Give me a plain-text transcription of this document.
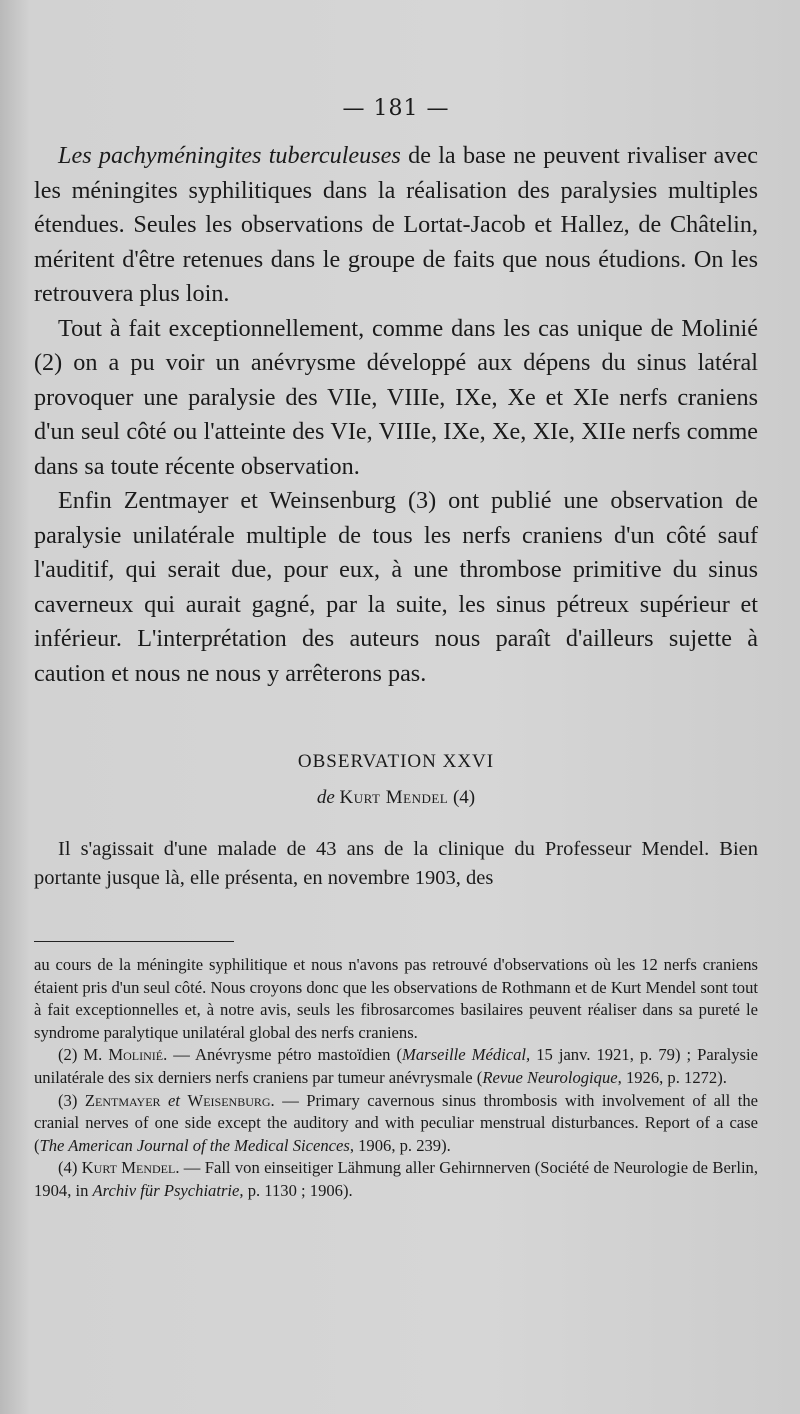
— 181 —

Les pachyméningites tuberculeuses de la base ne peuvent rivaliser avec les méningites syphilitiques dans la réalisation des paralysies multiples étendues. Seules les observations de Lortat-Jacob et Hallez, de Châtelin, méritent d'être retenues dans le groupe de faits que nous étudions. On les retrouvera plus loin.

Tout à fait exceptionnellement, comme dans les cas unique de Molinié (2) on a pu voir un anévrysme développé aux dépens du sinus latéral provoquer une paralysie des VIIe, VIIIe, IXe, Xe et XIe nerfs craniens d'un seul côté ou l'atteinte des VIe, VIIIe, IXe, Xe, XIe, XIIe nerfs comme dans sa toute récente observation.

Enfin Zentmayer et Weinsenburg (3) ont publié une observation de paralysie unilatérale multiple de tous les nerfs craniens d'un côté sauf l'auditif, qui serait due, pour eux, à une thrombose primitive du sinus caverneux qui aurait gagné, par la suite, les sinus pétreux supérieur et inférieur. L'interprétation des auteurs nous paraît d'ailleurs sujette à caution et nous ne nous y arrêterons pas.

OBSERVATION XXVI
de Kurt Mendel (4)

Il s'agissait d'une malade de 43 ans de la clinique du Professeur Mendel. Bien portante jusque là, elle présenta, en novembre 1903, des

au cours de la méningite syphilitique et nous n'avons pas retrouvé d'observations où les 12 nerfs craniens étaient pris d'un seul côté. Nous croyons donc que les observations de Rothmann et de Kurt Mendel sont tout à fait exceptionnelles et, à notre avis, seuls les fibrosarcomes basilaires peuvent réaliser dans sa pureté le syndrome paralytique unilatéral global des nerfs craniens.

(2) M. Molinié. — Anévrysme pétro mastoïdien (Marseille Médical, 15 janv. 1921, p. 79) ; Paralysie unilatérale des six derniers nerfs craniens par tumeur anévrysmale (Revue Neurologique, 1926, p. 1272).

(3) Zentmayer et Weisenburg. — Primary cavernous sinus thrombosis with involvement of all the cranial nerves of one side except the auditory and with peculiar menstrual disturbances. Report of a case (The American Journal of the Medical Sicences, 1906, p. 239).

(4) Kurt Mendel. — Fall von einseitiger Lähmung aller Gehirnnerven (Société de Neurologie de Berlin, 1904, in Archiv für Psychiatrie, p. 1130 ; 1906).
